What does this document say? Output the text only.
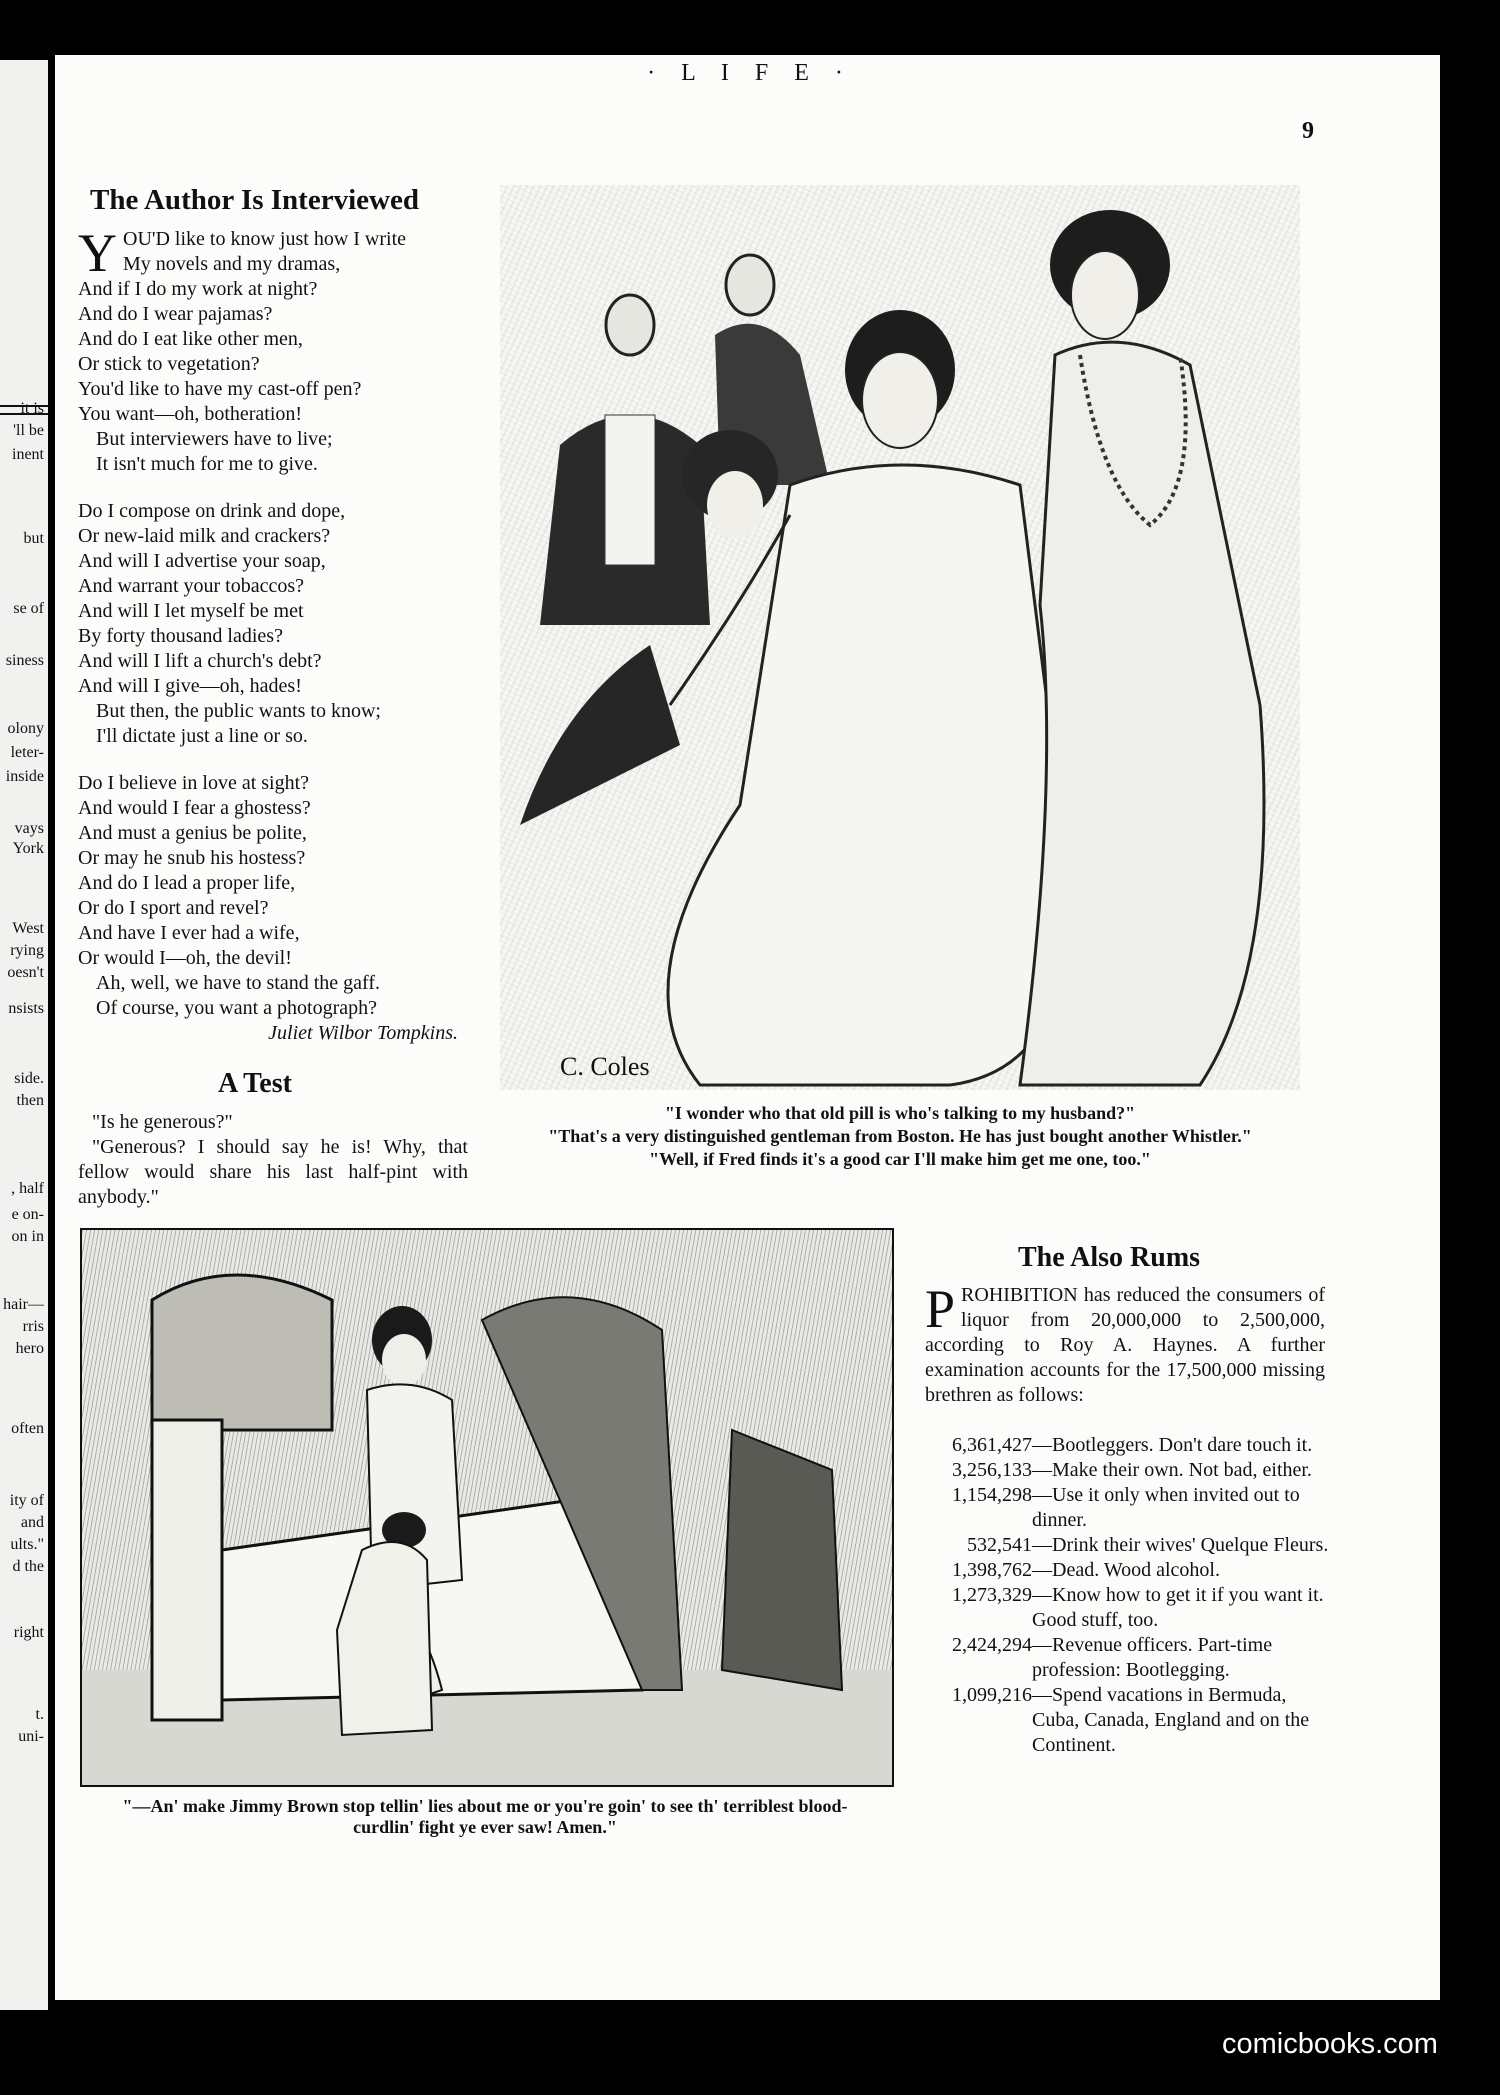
it is
'll be
inent
but
se of
siness
olony
leter-
inside
vays
York
West
rying
oesn't
nsists
side.
then
, half
e on-
on in
hair—
rris
hero
often
ity of
and
ults."
d the
right
t.
uni-
· L I F E ·
9
The Author Is Interviewed
YOU'D like to know just how I write
My novels and my dramas,
And if I do my work at night?
And do I wear pajamas?
And do I eat like other men,
Or stick to vegetation?
You'd like to have my cast-off pen?
You want—oh, botheration!
But interviewers have to live;
It isn't much for me to give.
Do I compose on drink and dope,
Or new-laid milk and crackers?
And will I advertise your soap,
And warrant your tobaccos?
And will I let myself be met
By forty thousand ladies?
And will I lift a church's debt?
And will I give—oh, hades!
But then, the public wants to know;
I'll dictate just a line or so.
Do I believe in love at sight?
And would I fear a ghostess?
And must a genius be polite,
Or may he snub his hostess?
And do I lead a proper life,
Or do I sport and revel?
And have I ever had a wife,
Or would I—oh, the devil!
Ah, well, we have to stand the gaff.
Of course, you want a photograph?
Juliet Wilbor Tompkins.
A Test

"Is he generous?"

"Generous? I should say he is! Why, that fellow would share his last half-pint with anybody."

C. Coles
"I wonder who that old pill is who's talking to my husband?"
"That's a very distinguished gentleman from Boston. He has just bought another Whistler."
"Well, if Fred finds it's a good car I'll make him get me one, too."
"—An' make Jimmy Brown stop tellin' lies about me or you're goin' to see th' terriblest blood-curdlin' fight ye ever saw! Amen."
The Also Rums
P ROHIBITION has reduced the consumers of liquor from 20,000,000 to 2,500,000, according to Roy A. Haynes. A further examination accounts for the 17,500,000 missing brethren as follows:
6,361,427 —Bootleggers. Don't dare touch it.
3,256,133 —Make their own. Not bad, either.
1,154,298 —Use it only when invited out to dinner.
532,541 —Drink their wives' Quelque Fleurs.
1,398,762 —Dead. Wood alcohol.
1,273,329 —Know how to get it if you want it. Good stuff, too.
2,424,294 —Revenue officers. Part-time profession: Bootlegging.
1,099,216 —Spend vacations in Bermuda, Cuba, Canada, England and on the Continent.
comicbooks.com
